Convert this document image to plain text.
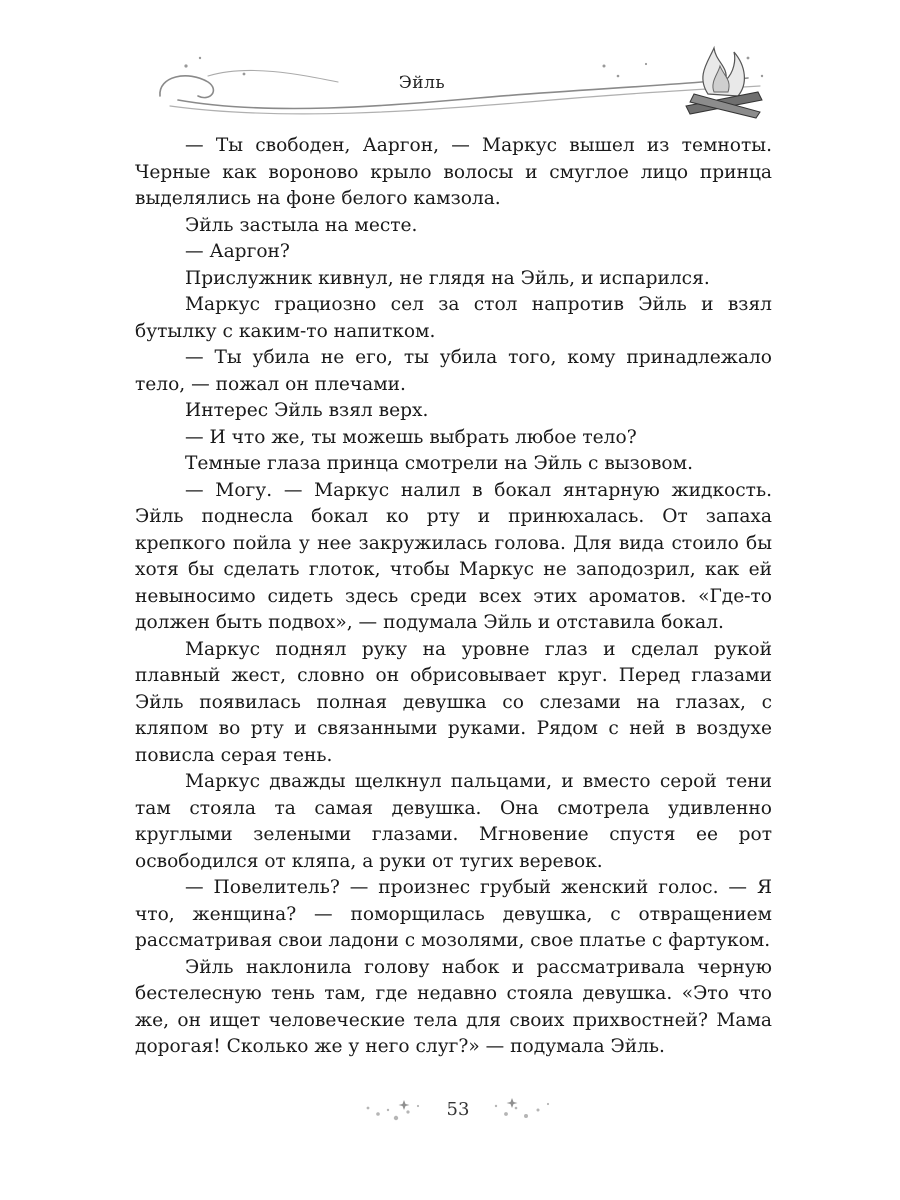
Эйль

— Ты свободен, Ааргон, — Маркус вышел из темноты. Черные как вороново крыло волосы и смуглое лицо принца выделялись на фоне белого камзола.

Эйль застыла на месте.

— Ааргон?

Прислужник кивнул, не глядя на Эйль, и испарился.

Маркус грациозно сел за стол напротив Эйль и взял бутылку с каким-то напитком.

— Ты убила не его, ты убила того, кому принадлежало тело, — пожал он плечами.

Интерес Эйль взял верх.

— И что же, ты можешь выбрать любое тело?

Темные глаза принца смотрели на Эйль с вызовом.

— Могу. — Маркус налил в бокал янтарную жидкость. Эйль поднесла бокал ко рту и принюхалась. От запаха крепкого пойла у нее закружилась голова. Для вида стоило бы хотя бы сделать глоток, чтобы Маркус не заподозрил, как ей невыносимо сидеть здесь среди всех этих ароматов. «Где-то должен быть подвох», — подумала Эйль и отставила бокал.

Маркус поднял руку на уровне глаз и сделал рукой плавный жест, словно он обрисовывает круг. Перед глазами Эйль появилась полная девушка со слезами на глазах, с кляпом во рту и связанными руками. Рядом с ней в воздухе повисла серая тень.

Маркус дважды щелкнул пальцами, и вместо серой тени там стояла та самая девушка. Она смотрела удивленно круглыми зелеными глазами. Мгновение спустя ее рот освободился от кляпа, а руки от тугих веревок.

— Повелитель? — произнес грубый женский голос. — Я что, женщина? — поморщилась девушка, с отвращением рассматривая свои ладони с мозолями, свое платье с фартуком.

Эйль наклонила голову набок и рассматривала черную бестелесную тень там, где недавно стояла девушка. «Это что же, он ищет человеческие тела для своих прихвостней? Мама дорогая! Сколько же у него слуг?» — подумала Эйль.

53
